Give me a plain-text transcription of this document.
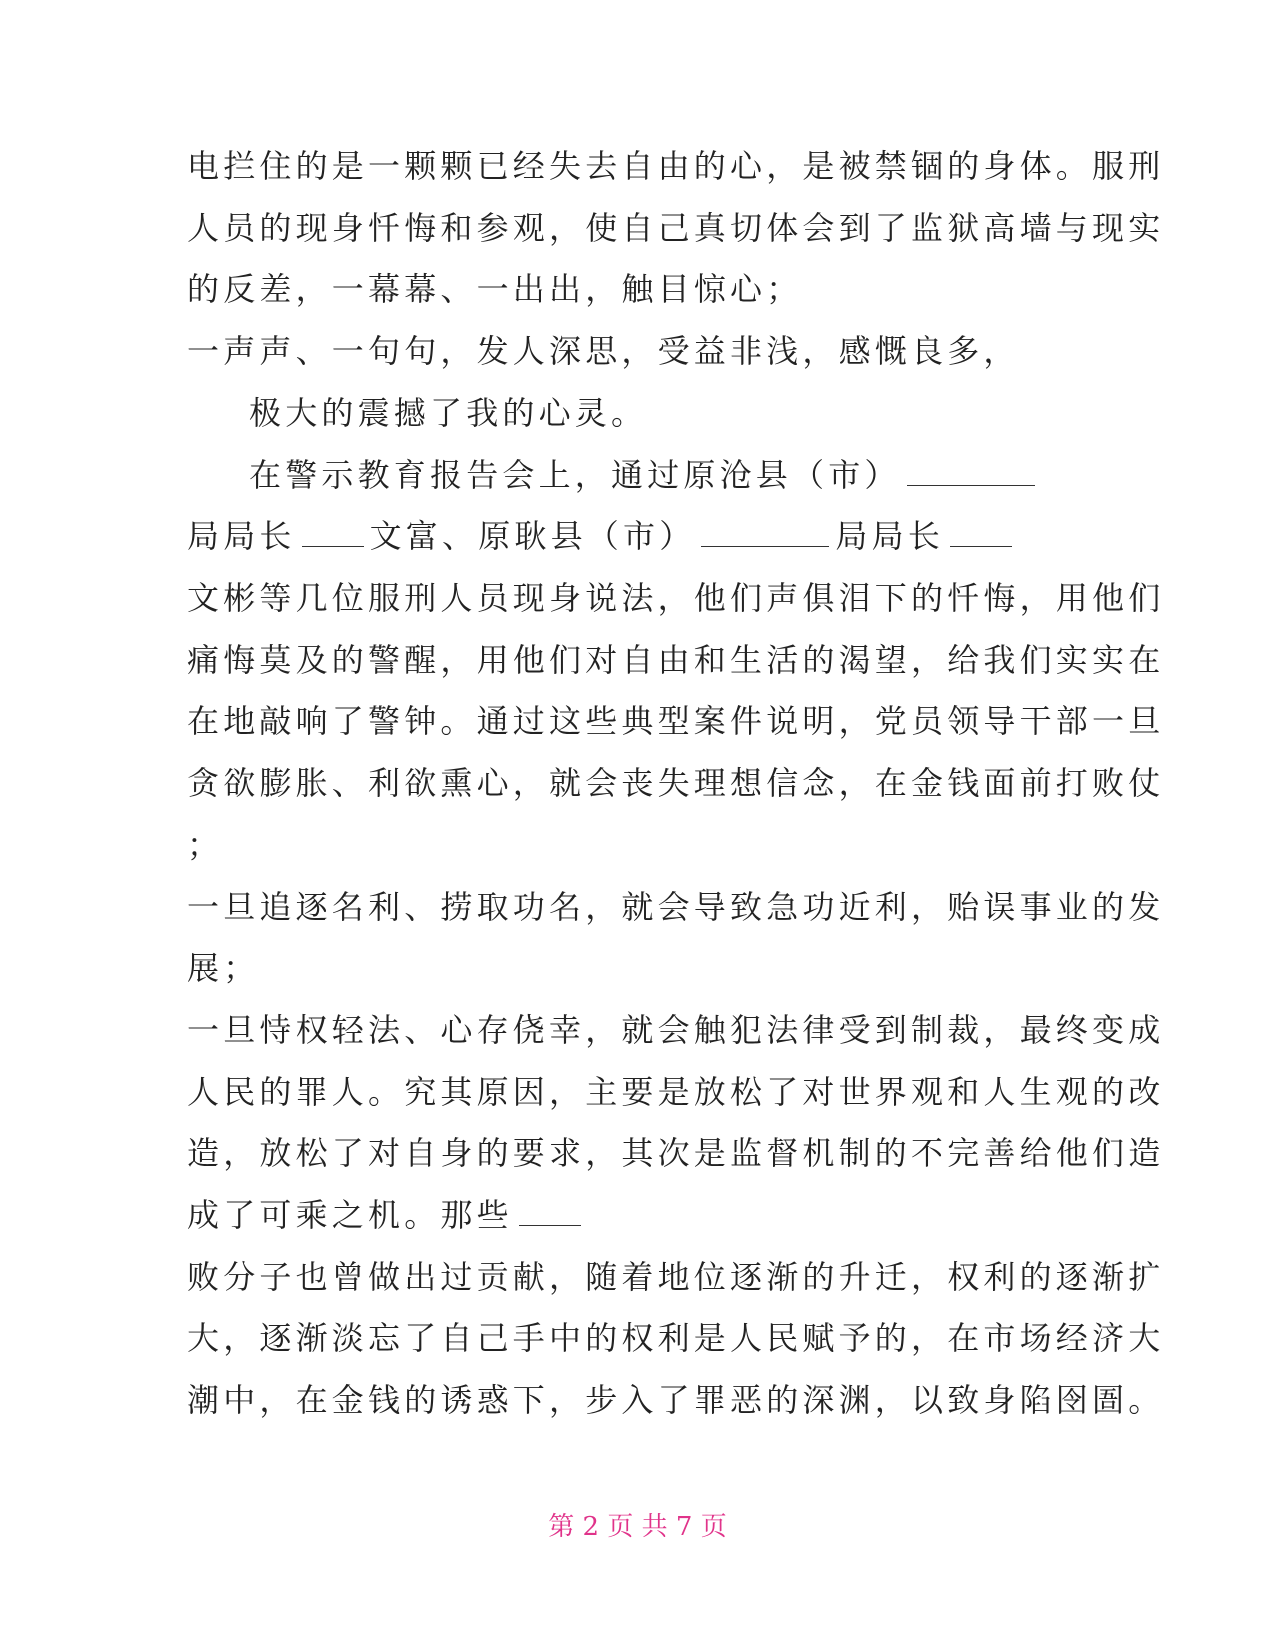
电拦住的是一颗颗已经失去自由的心，是被禁锢的身体。服刑
人员的现身忏悔和参观，使自己真切体会到了监狱高墙与现实
的反差，一幕幕、一出出，触目惊心；
一声声、一句句，发人深思，受益非浅，感慨良多，
极大的震撼了我的心灵。
在警示教育报告会上，通过原沧县（市）
局局长 文富、原耿县（市）	局局长
文彬等几位服刑人员现身说法，他们声俱泪下的忏悔，用他们
痛悔莫及的警醒，用他们对自由和生活的渴望，给我们实实在
在地敲响了警钟。通过这些典型案件说明，党员领导干部一旦
贪欲膨胀、利欲熏心，就会丧失理想信念，在金钱面前打败仗
；
一旦追逐名利、捞取功名，就会导致急功近利，贻误事业的发
展；
一旦恃权轻法、心存侥幸，就会触犯法律受到制裁，最终变成
人民的罪人。究其原因，主要是放松了对世界观和人生观的改
造，放松了对自身的要求，其次是监督机制的不完善给他们造
成了可乘之机。那些
败分子也曾做出过贡献，随着地位逐渐的升迁，权利的逐渐扩
大，逐渐淡忘了自己手中的权利是人民赋予的，在市场经济大
潮中，在金钱的诱惑下，步入了罪恶的深渊，以致身陷囹圄。
第 2 页 共 7 页
